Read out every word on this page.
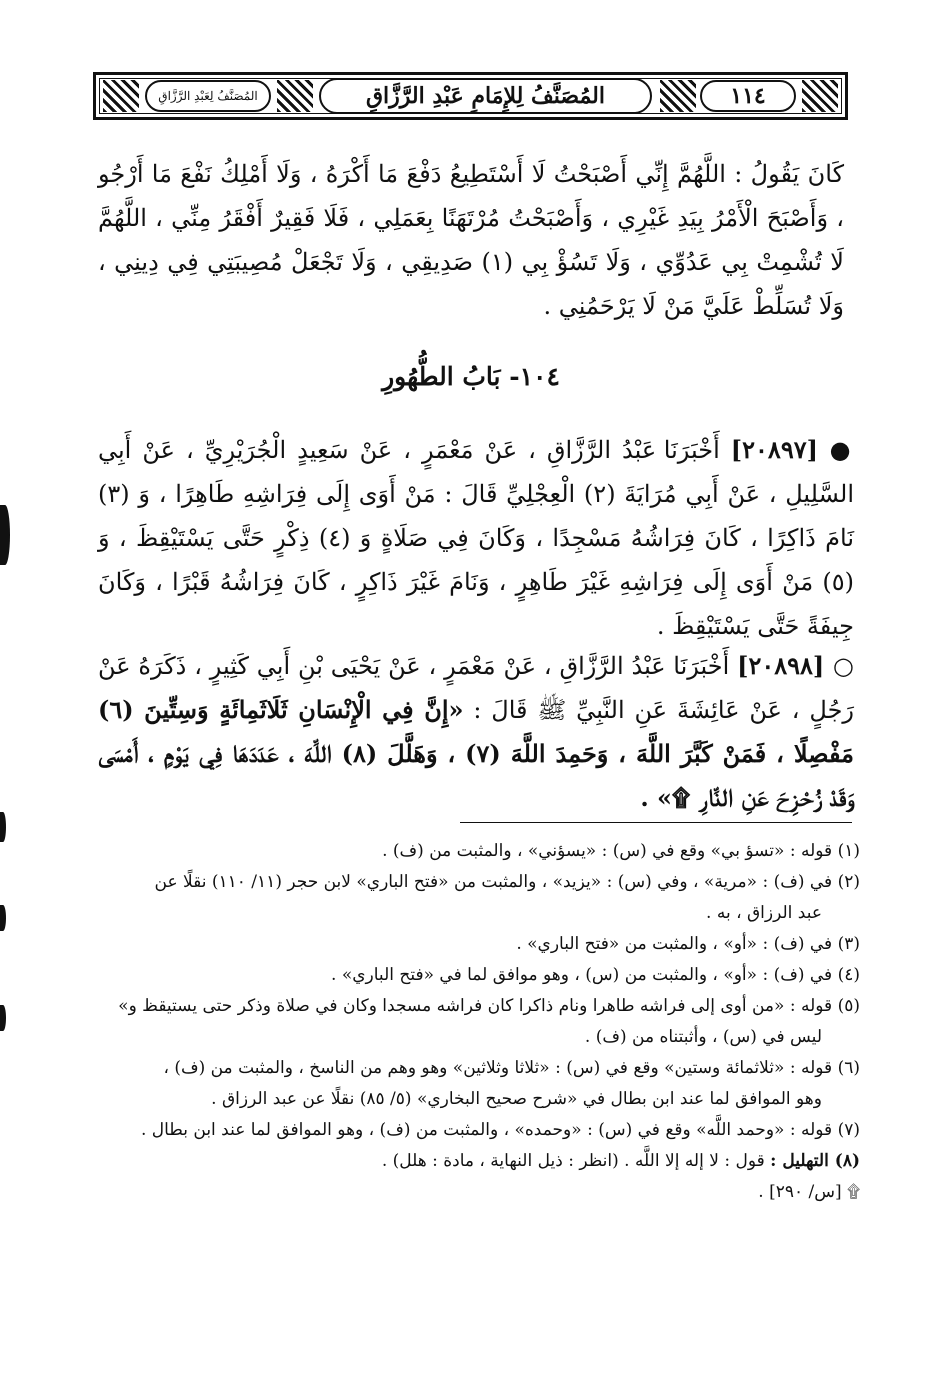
المُصَنَّفُ لِعَبْدِ الرَّزَّاقِ	المُصَنَّفُ لِلإِمَامِ عَبْدِ الرَّزَّاقِ	١١٤
كَانَ يَقُولُ : اللَّهُمَّ إِنِّي أَصْبَحْتُ لَا أَسْتَطِيعُ دَفْعَ مَا أَكْرَهُ ، وَلَا أَمْلِكُ نَفْعَ مَا أَرْجُو ، وَأَصْبَحَ الْأَمْرُ بِيَدِ غَيْرِي ، وَأَصْبَحْتُ مُرْتَهَنًا بِعَمَلِي ، فَلَا فَقِيرٌ أَفْقَرُ مِنِّي ، اللَّهُمَّ لَا تُشْمِتْ بِي عَدُوِّي ، وَلَا تَسُؤْ بِي (١) صَدِيقِي ، وَلَا تَجْعَلْ مُصِيبَتِي فِي دِينِي ، وَلَا تُسَلِّطْ عَلَيَّ مَنْ لَا يَرْحَمُنِي .
١٠٤- بَابُ الطُّهُورِ
● [٢٠٨٩٧] أَخْبَرَنَا عَبْدُ الرَّزَّاقِ ، عَنْ مَعْمَرٍ ، عَنْ سَعِيدٍ الْجُرَيْرِيِّ ، عَنْ أَبِي السَّلِيلِ ، عَنْ أَبِي مُرَايَةَ (٢) الْعِجْلِيِّ قَالَ : مَنْ أَوَى إِلَى فِرَاشِهِ طَاهِرًا ، وَ (٣) نَامَ ذَاكِرًا ، كَانَ فِرَاشُهُ مَسْجِدًا ، وَكَانَ فِي صَلَاةٍ وَ (٤) ذِكْرٍ حَتَّى يَسْتَيْقِظَ ، وَ (٥) مَنْ أَوَى إِلَى فِرَاشِهِ غَيْرَ طَاهِرٍ ، وَنَامَ غَيْرَ ذَاكِرٍ ، كَانَ فِرَاشُهُ قَبْرًا ، وَكَانَ جِيفَةً حَتَّى يَسْتَيْقِظَ .
○ [٢٠٨٩٨] أَخْبَرَنَا عَبْدُ الرَّزَّاقِ ، عَنْ مَعْمَرٍ ، عَنْ يَحْيَى بْنِ أَبِي كَثِيرٍ ، ذَكَرَهُ عَنْ رَجُلٍ ، عَنْ عَائِشَةَ عَنِ النَّبِيِّ ﷺ قَالَ : «إِنَّ فِي الْإِنْسَانِ ثَلَاثَمِائَةٍ وَسِتِّينَ (٦) مَفْصِلًا ، فَمَنْ كَبَّرَ اللَّهَ ، وَحَمِدَ اللَّهَ (٧) ، وَهَلَّلَ (٨) اللَّهَ ، عَدَدَهَا فِي يَوْمٍ ، أَمْسَى وَقَدْ زُحْزِحَ عَنِ النَّارِ ۩» .

(١) قوله : «تسؤ بي» وقع في (س) : «يسؤني» ، والمثبت من (ف) .

(٢) في (ف) : «مرية» ، وفي (س) : «يزيد» ، والمثبت من «فتح الباري» لابن حجر (١١/ ١١٠) نقلًا عن
عبد الرزاق ، به .

(٣) في (ف) : «أو» ، والمثبت من «فتح الباري» .

(٤) في (ف) : «أو» ، والمثبت من (س) ، وهو موافق لما في «فتح الباري» .

(٥) قوله : «من أوى إلى فراشه طاهرا ونام ذاكرا كان فراشه مسجدا وكان في صلاة وذكر حتى يستيقظ و»
ليس في (س) ، وأثبتناه من (ف) .

(٦) قوله : «ثلاثمائة وستين» وقع في (س) : «ثلاثا وثلاثين» وهو وهم من الناسخ ، والمثبت من (ف) ،
وهو الموافق لما عند ابن بطال في «شرح صحيح البخاري» (٥/ ٨٥) نقلًا عن عبد الرزاق .

(٧) قوله : «وحمد اللَّه» وقع في (س) : «وحمده» ، والمثبت من (ف) ، وهو الموافق لما عند ابن بطال .

(٨) التهليل : قول : لا إله إلا اللَّه . (انظر : ذيل النهاية ، مادة : هلل) .

۩ [س/ ٢٩٠] .
